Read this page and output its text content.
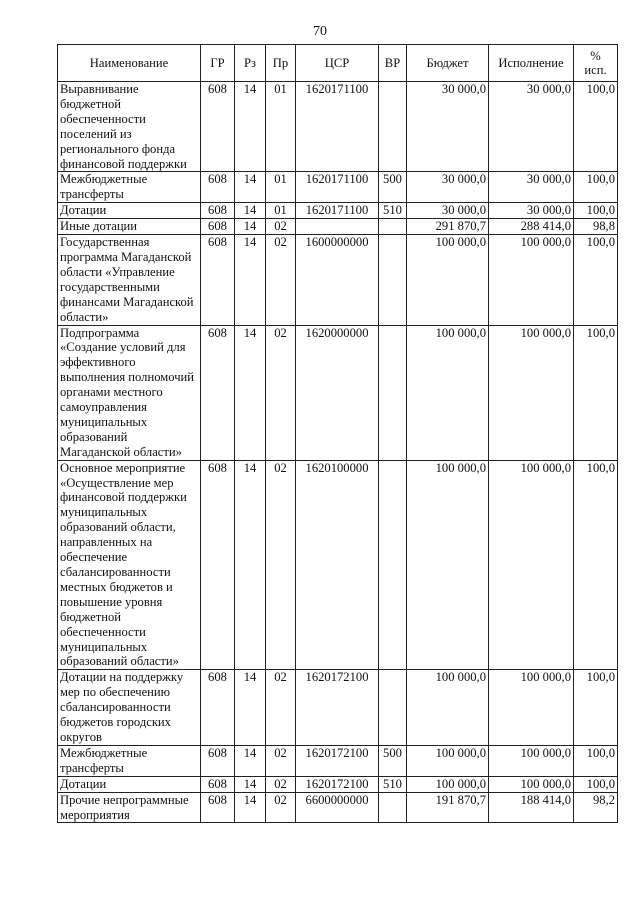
70
Наименование	ГР	Рз	Пр	ЦСР	ВР	Бюджет	Исполнение	%
исп.
Выравнивание бюджетной обеспеченности поселений из регионального фонда финансовой поддержки	608	14	01	1620171100		30 000,0	30 000,0	100,0
Межбюджетные трансферты	608	14	01	1620171100	500	30 000,0	30 000,0	100,0
Дотации	608	14	01	1620171100	510	30 000,0	30 000,0	100,0
Иные дотации	608	14	02			291 870,7	288 414,0	98,8
Государственная программа Магаданской области «Управление государственными финансами Магаданской области»	608	14	02	1600000000		100 000,0	100 000,0	100,0
Подпрограмма «Создание условий для эффективного выполнения полномочий органами местного самоуправления муниципальных образований Магаданской области»	608	14	02	1620000000		100 000,0	100 000,0	100,0
Основное мероприятие «Осуществление мер финансовой поддержки муниципальных образований области, направленных на обеспечение сбалансированности местных бюджетов и повышение уровня бюджетной обеспеченности муниципальных образований области»	608	14	02	1620100000		100 000,0	100 000,0	100,0
Дотации на поддержку мер по обеспечению сбалансированности бюджетов городских округов	608	14	02	1620172100		100 000,0	100 000,0	100,0
Межбюджетные трансферты	608	14	02	1620172100	500	100 000,0	100 000,0	100,0
Дотации	608	14	02	1620172100	510	100 000,0	100 000,0	100,0
Прочие непрограммные мероприятия	608	14	02	6600000000		191 870,7	188 414,0	98,2
